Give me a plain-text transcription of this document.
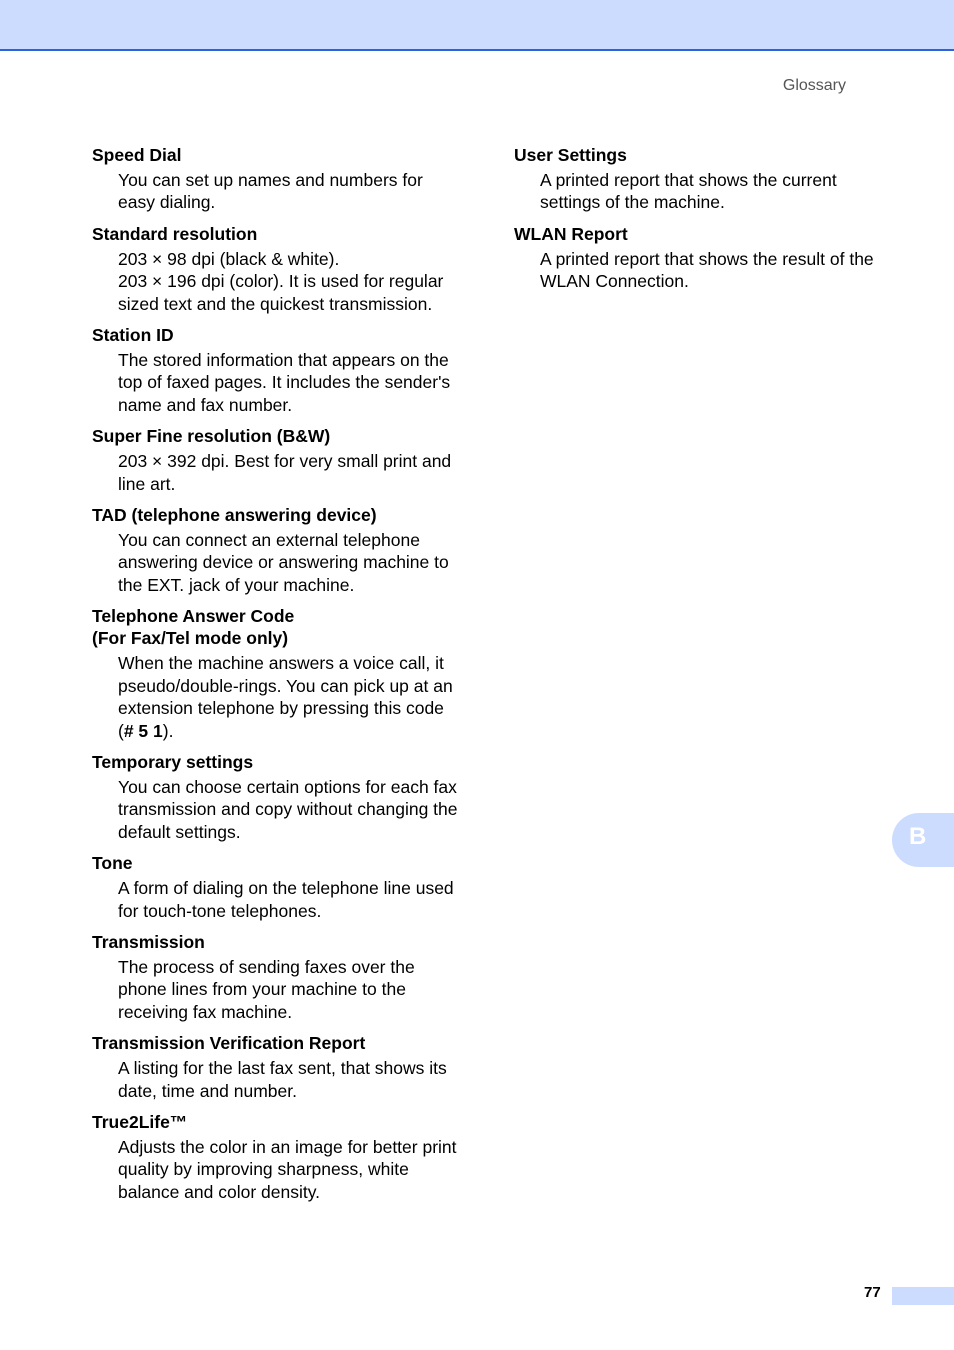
Glossary
Speed Dial

You can set up names and numbers for easy dialing.

Standard resolution

203 × 98 dpi (black & white).

203 × 196 dpi (color). It is used for regular sized text and the quickest transmission.

Station ID

The stored information that appears on the top of faxed pages. It includes the sender's name and fax number.

Super Fine resolution (B&W)

203 × 392 dpi. Best for very small print and line art.

TAD (telephone answering device)

You can connect an external telephone answering device or answering machine to the EXT. jack of your machine.

Telephone Answer Code
(For Fax/Tel mode only)

When the machine answers a voice call, it pseudo/double-rings. You can pick up at an extension telephone by pressing this code (# 5 1).

Temporary settings

You can choose certain options for each fax transmission and copy without changing the default settings.

Tone

A form of dialing on the telephone line used for touch-tone telephones.

Transmission

The process of sending faxes over the phone lines from your machine to the receiving fax machine.

Transmission Verification Report

A listing for the last fax sent, that shows its date, time and number.

True2Life™

Adjusts the color in an image for better print quality by improving sharpness, white balance and color density.

User Settings

A printed report that shows the current settings of the machine.

WLAN Report

A printed report that shows the result of the WLAN Connection.

B
77
